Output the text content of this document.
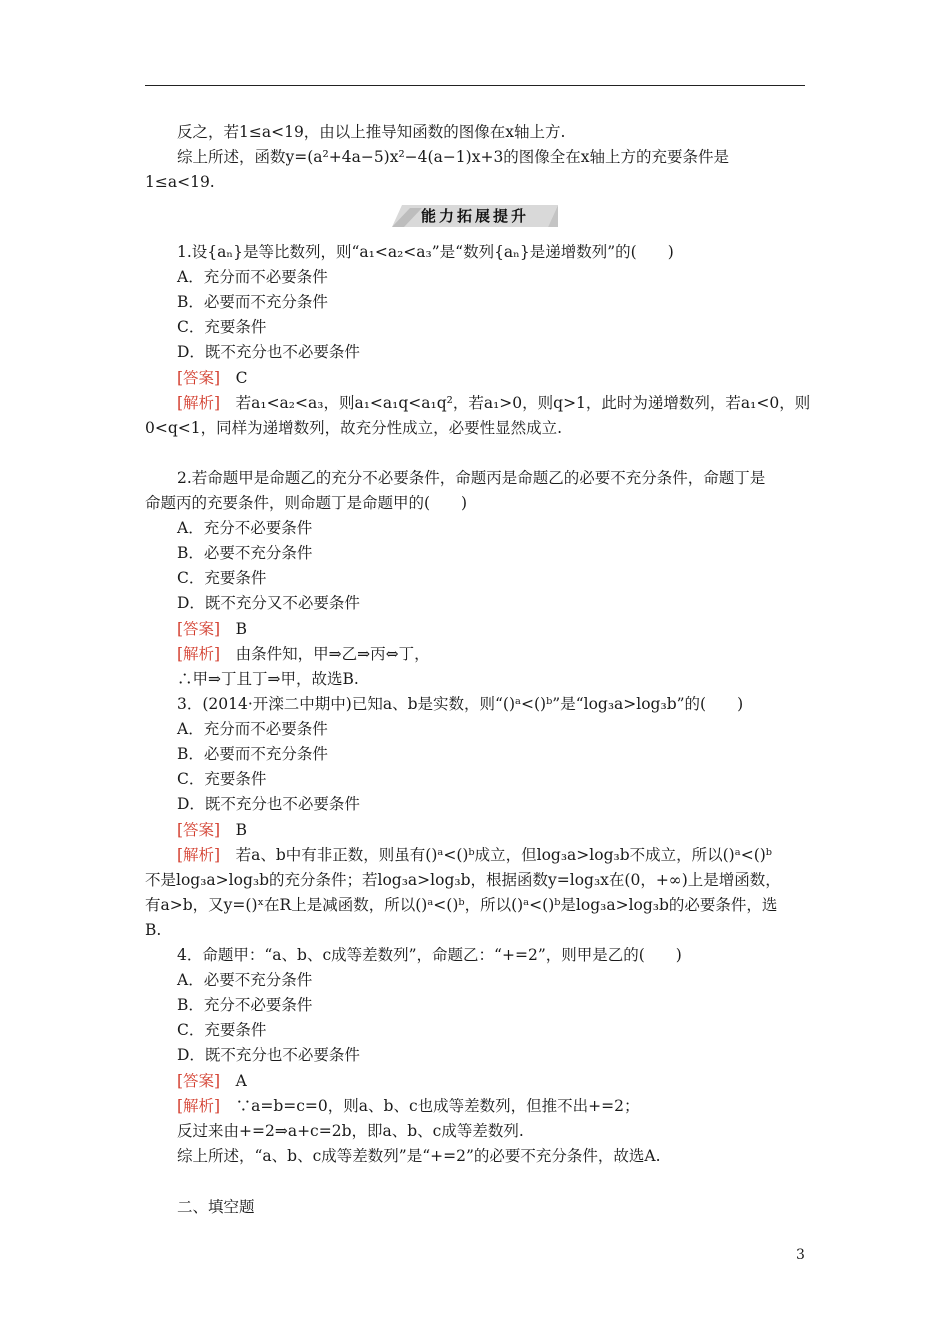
反之，若1≤a<19，由以上推导知函数的图像在x轴上方.
综上所述，函数y=(a²+4a−5)x²−4(a−1)x+3的图像全在x轴上方的充要条件是
1≤a<19.
能力拓展提升
1.设{aₙ}是等比数列，则“a₁<a₂<a₃”是“数列{aₙ}是递增数列”的(　　)
A．充分而不必要条件
B．必要而不充分条件
C．充要条件
D．既不充分也不必要条件
[答案]　C
[解析]　若a₁<a₂<a₃，则a₁<a₁q<a₁q²，若a₁>0，则q>1，此时为递增数列，若a₁<0，则
0<q<1，同样为递增数列，故充分性成立，必要性显然成立.
2.若命题甲是命题乙的充分不必要条件，命题丙是命题乙的必要不充分条件，命题丁是
命题丙的充要条件，则命题丁是命题甲的(　　)
A．充分不必要条件
B．必要不充分条件
C．充要条件
D．既不充分又不必要条件
[答案]　B
[解析]　由条件知，甲⇒乙⇒丙⇔丁，
∴甲⇒丁且丁⇒甲，故选B.
3．(2014·开滦二中期中)已知a、b是实数，则“()ᵃ<()ᵇ”是“log₃a>log₃b”的(　　)
A．充分而不必要条件
B．必要而不充分条件
C．充要条件
D．既不充分也不必要条件
[答案]　B
[解析]　若a、b中有非正数，则虽有()ᵃ<()ᵇ成立，但log₃a>log₃b不成立，所以()ᵃ<()ᵇ
不是log₃a>log₃b的充分条件；若log₃a>log₃b，根据函数y=log₃x在(0，+∞)上是增函数，
有a>b，又y=()ˣ在R上是减函数，所以()ᵃ<()ᵇ，所以()ᵃ<()ᵇ是log₃a>log₃b的必要条件，选
B.
4．命题甲：“a、b、c成等差数列”，命题乙：“+=2”，则甲是乙的(　　)
A．必要不充分条件
B．充分不必要条件
C．充要条件
D．既不充分也不必要条件
[答案]　A
[解析]　∵a=b=c=0，则a、b、c也成等差数列，但推不出+=2；
反过来由+=2⇒a+c=2b，即a、b、c成等差数列.
综上所述，“a、b、c成等差数列”是“+=2”的必要不充分条件，故选A.
二、填空题
3
